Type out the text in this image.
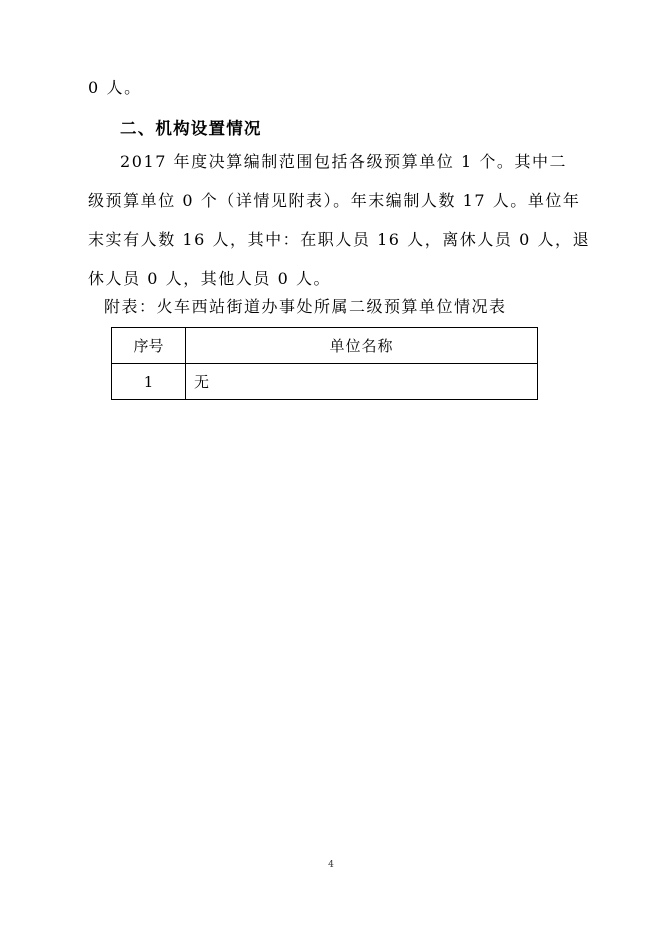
0 人。
二、机构设置情况
2017 年度决算编制范围包括各级预算单位 1 个。其中二
级预算单位 0 个（详情见附表）。年末编制人数 17 人。单位年
末实有人数 16 人，其中：在职人员 16 人，离休人员 0 人，退
休人员 0 人，其他人员 0 人。
附表：火车西站街道办事处所属二级预算单位情况表
序号	单位名称
1	无
4
